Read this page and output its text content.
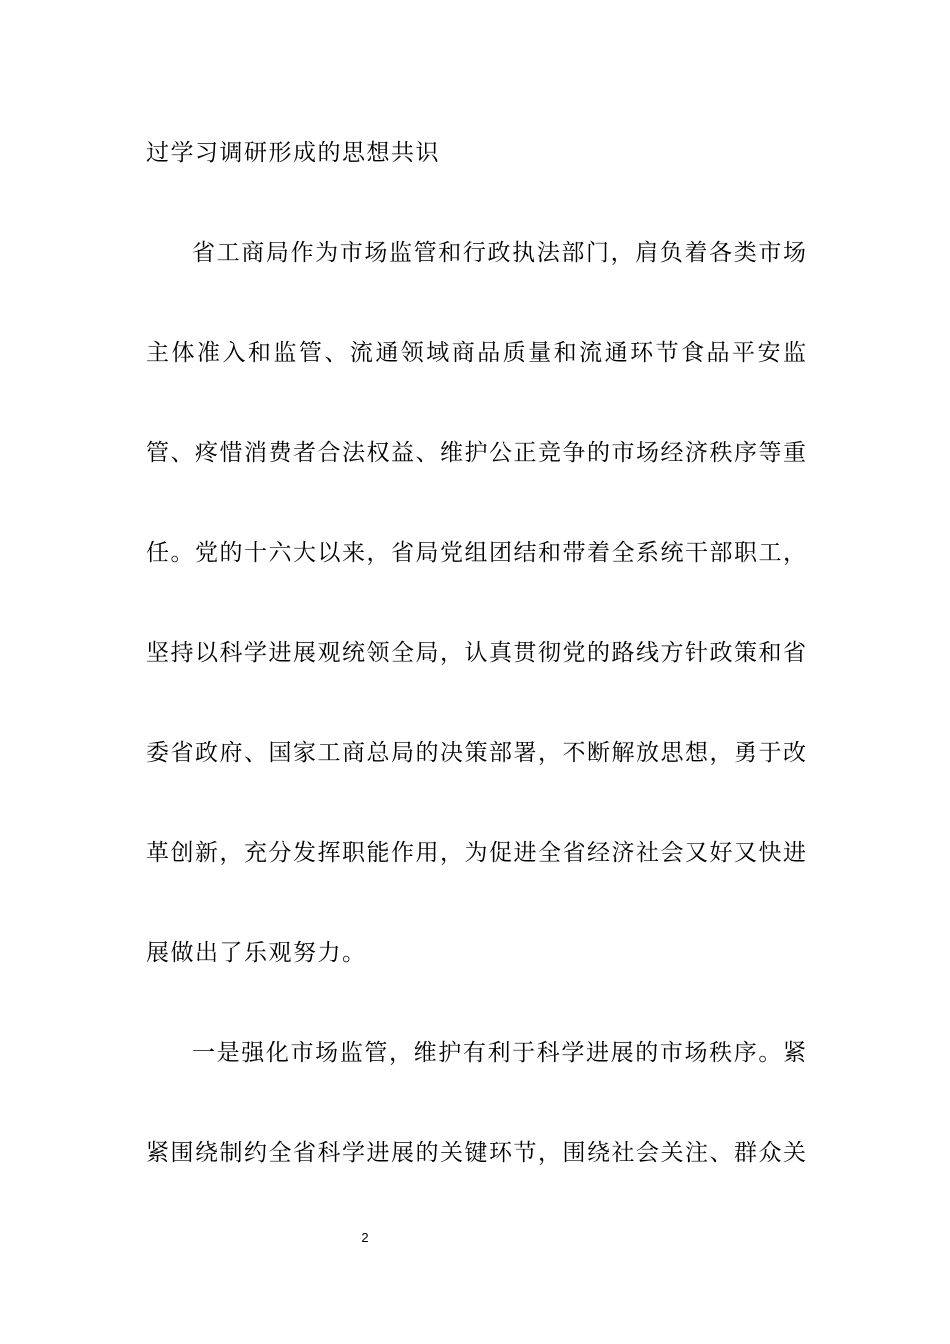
过学习调研形成的思想共识
省工商局作为市场监管和行政执法部门，肩负着各类市场
主体准入和监管、流通领域商品质量和流通环节食品平安监
管、疼惜消费者合法权益、维护公正竞争的市场经济秩序等重
任。党的十六大以来，省局党组团结和带着全系统干部职工，
坚持以科学进展观统领全局，认真贯彻党的路线方针政策和省
委省政府、国家工商总局的决策部署，不断解放思想，勇于改
革创新，充分发挥职能作用，为促进全省经济社会又好又快进
展做出了乐观努力。
一是强化市场监管，维护有利于科学进展的市场秩序。紧
紧围绕制约全省科学进展的关键环节，围绕社会关注、群众关
2
